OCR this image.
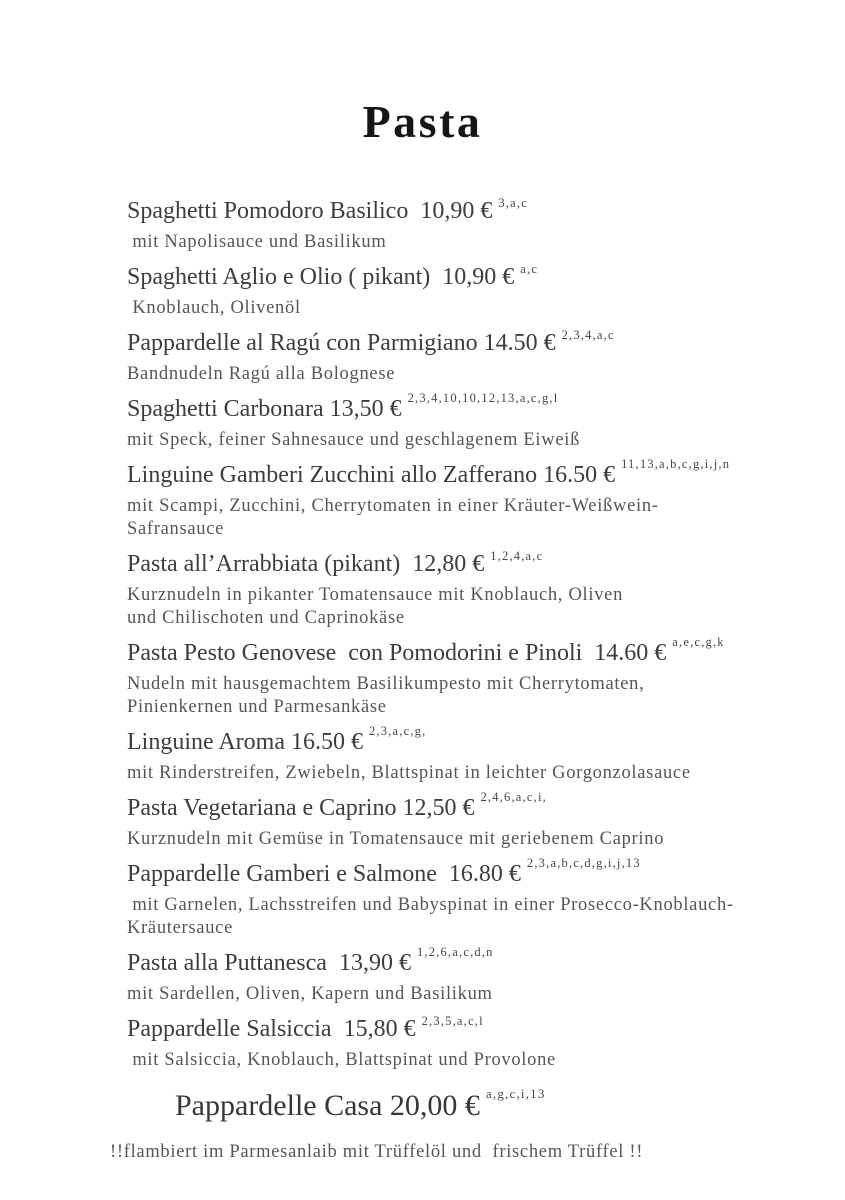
Pasta
Spaghetti Pomodoro Basilico  10,90 € $^{3,a,c}$
mit Napolisauce und Basilikum
Spaghetti Aglio e Olio ( pikant)  10,90 € $^{a,c}$
Knoblauch, Olivenöl
Pappardelle al Ragú con Parmigiano 14.50 € $^{2,3,4,a,c}$
Bandnudeln Ragú alla Bolognese
Spaghetti Carbonara 13,50 € $^{2,3,4,10,10,12,13,a,c,g,l}$
mit Speck, feiner Sahnesauce und geschlagenem Eiweiß
Linguine Gamberi Zucchini allo Zafferano 16.50 € $^{11,13,a,b,c,g,i,j,n}$
mit Scampi, Zucchini, Cherrytomaten in einer Kräuter-Weißwein-
Safransauce
Pasta all’Arrabbiata (pikant)  12,80 € $^{1,2,4,a,c}$
Kurznudeln in pikanter Tomatensauce mit Knoblauch, Oliven
und Chilischoten und Caprinokäse
Pasta Pesto Genovese  con Pomodorini e Pinoli  14.60 € $^{a,e,c,g,k}$
Nudeln mit hausgemachtem Basilikumpesto mit Cherrytomaten,
Pinienkernen und Parmesankäse
Linguine Aroma 16.50 € $^{2,3,a,c,g,}$
mit Rinderstreifen, Zwiebeln, Blattspinat in leichter Gorgonzolasauce
Pasta Vegetariana e Caprino 12,50 € $^{2,4,6,a,c,i,}$
Kurznudeln mit Gemüse in Tomatensauce mit geriebenem Caprino
Pappardelle Gamberi e Salmone  16.80 € $^{2,3,a,b,c,d,g,i,j,13}$
mit Garnelen, Lachsstreifen und Babyspinat in einer Prosecco-Knoblauch-
Kräutersauce
Pasta alla Puttanesca  13,90 € $^{1,2,6,a,c,d,n}$
mit Sardellen, Oliven, Kapern und Basilikum
Pappardelle Salsiccia  15,80 € $^{2,3,5,a,c,l}$
mit Salsiccia, Knoblauch, Blattspinat und Provolone
Pappardelle Casa 20,00 € $^{a,g,c,i,13}$
!!flambiert im Parmesanlaib mit Trüffelöl und  frischem Trüffel !!
